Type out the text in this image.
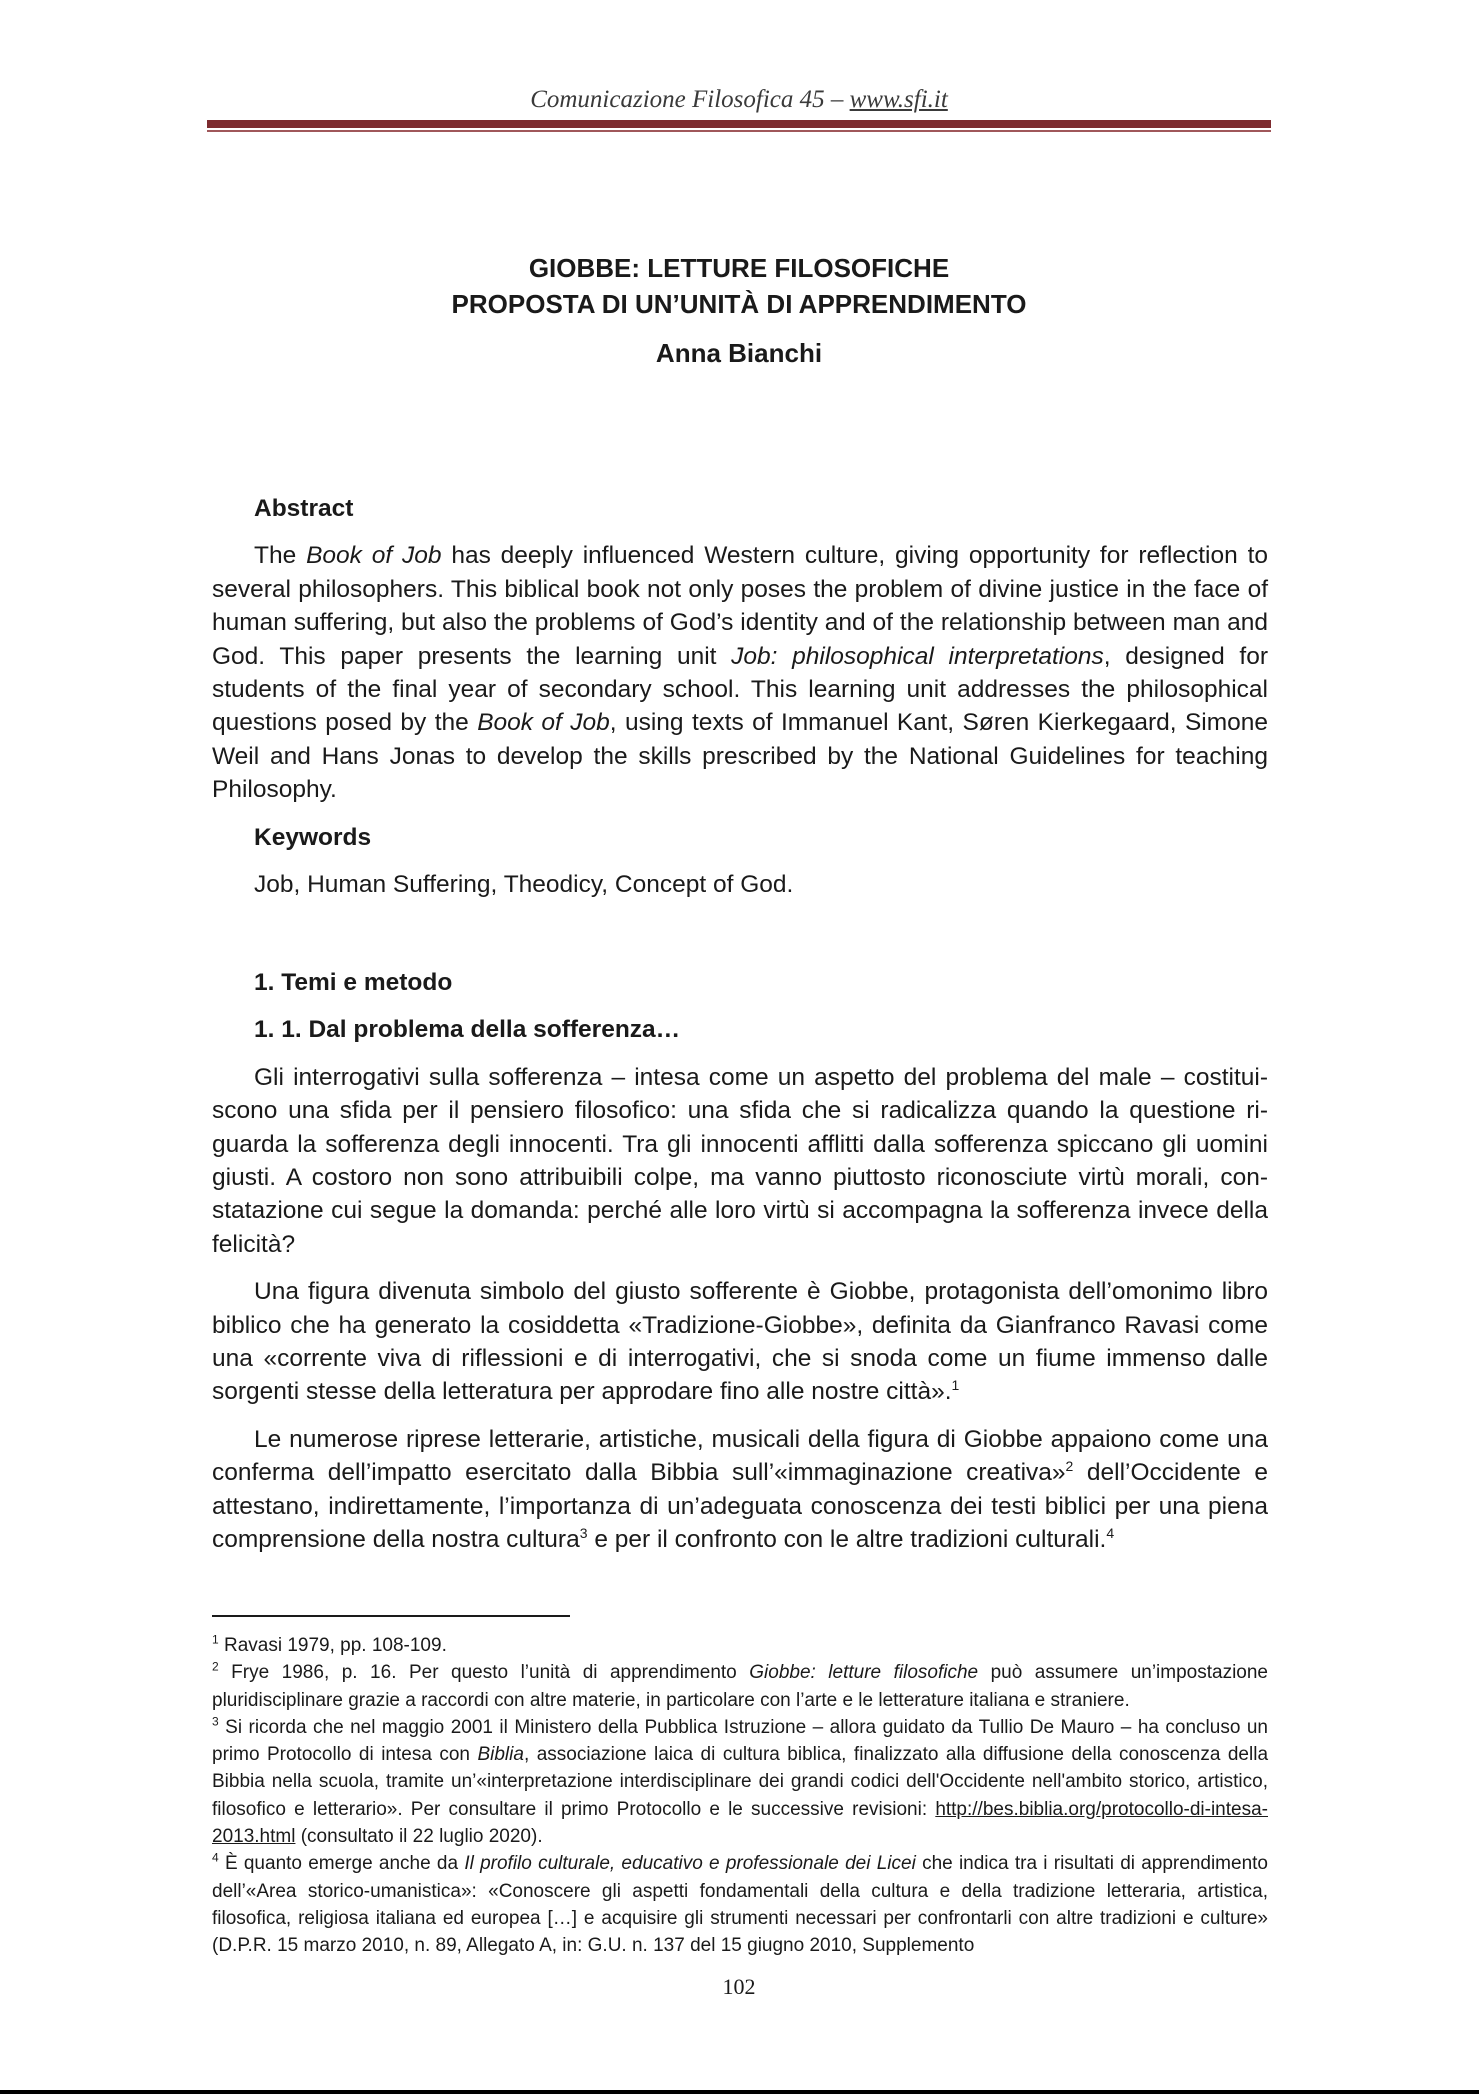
Comunicazione Filosofica 45 – www.sfi.it

GIOBBE: LETTURE FILOSOFICHE

PROPOSTA DI UN’UNITÀ DI APPRENDIMENTO

Anna Bianchi

Abstract

The Book of Job has deeply influenced Western culture, giving opportunity for reflection to several philosophers. This biblical book not only poses the problem of divine justice in the face of human suffering, but also the problems of God’s identity and of the relationship between man and God. This paper presents the learning unit Job: philosophical interpretations, designed for students of the final year of secondary school. This learning unit addresses the philosophical questions posed by the Book of Job, using texts of Immanuel Kant, Søren Kierkegaard, Simone Weil and Hans Jonas to develop the skills prescribed by the National Guidelines for teaching Philosophy.

Keywords

Job, Human Suffering, Theodicy, Concept of God.

1. Temi e metodo

1. 1. Dal problema della sofferenza…

Gli interrogativi sulla sofferenza – intesa come un aspetto del problema del male – costituiscono una sfida per il pensiero filosofico: una sfida che si radicalizza quando la questione riguarda la sofferenza degli innocenti. Tra gli innocenti afflitti dalla sofferenza spiccano gli uomini giusti. A costoro non sono attribuibili colpe, ma vanno piuttosto riconosciute virtù morali, constatazione cui segue la domanda: perché alle loro virtù si accompagna la sofferenza invece della felicità?

Una figura divenuta simbolo del giusto sofferente è Giobbe, protagonista dell’omonimo libro biblico che ha generato la cosiddetta «Tradizione-Giobbe», definita da Gianfranco Ravasi come una «corrente viva di riflessioni e di interrogativi, che si snoda come un fiume immenso dalle sorgenti stesse della letteratura per approdare fino alle nostre città».$^1$

Le numerose riprese letterarie, artistiche, musicali della figura di Giobbe appaiono come una conferma dell’impatto esercitato dalla Bibbia sull’«immaginazione creativa»$^2$ dell’Occidente e attestano, indirettamente, l’importanza di un’adeguata conoscenza dei testi biblici per una piena comprensione della nostra cultura$^3$ e per il confronto con le altre tradizioni culturali.$^4$

$^1$ Ravasi 1979, pp. 108-109.

$^2$ Frye 1986, p. 16. Per questo l’unità di apprendimento Giobbe: letture filosofiche può assumere un’impostazione pluridisciplinare grazie a raccordi con altre materie, in particolare con l’arte e le letterature italiana e straniere.

$^3$ Si ricorda che nel maggio 2001 il Ministero della Pubblica Istruzione – allora guidato da Tullio De Mauro – ha concluso un primo Protocollo di intesa con Biblia, associazione laica di cultura biblica, finalizzato alla diffusione della conoscenza della Bibbia nella scuola, tramite un’«interpretazione interdisciplinare dei grandi codici dell'Occidente nell'ambito storico, artistico, filosofico e letterario». Per consultare il primo Protocollo e le successive revisioni: http://bes.biblia.org/protocollo-di-intesa-2013.html (consultato il 22 luglio 2020).

$^4$ È quanto emerge anche da Il profilo culturale, educativo e professionale dei Licei che indica tra i risultati di apprendimento dell’«Area storico-umanistica»: «Conoscere gli aspetti fondamentali della cultura e della tradizione letteraria, artistica, filosofica, religiosa italiana ed europea […] e acquisire gli strumenti necessari per confrontarli con altre tradizioni e culture» (D.P.R. 15 marzo 2010, n. 89, Allegato A, in: G.U. n. 137 del 15 giugno 2010, Supplemento

102
